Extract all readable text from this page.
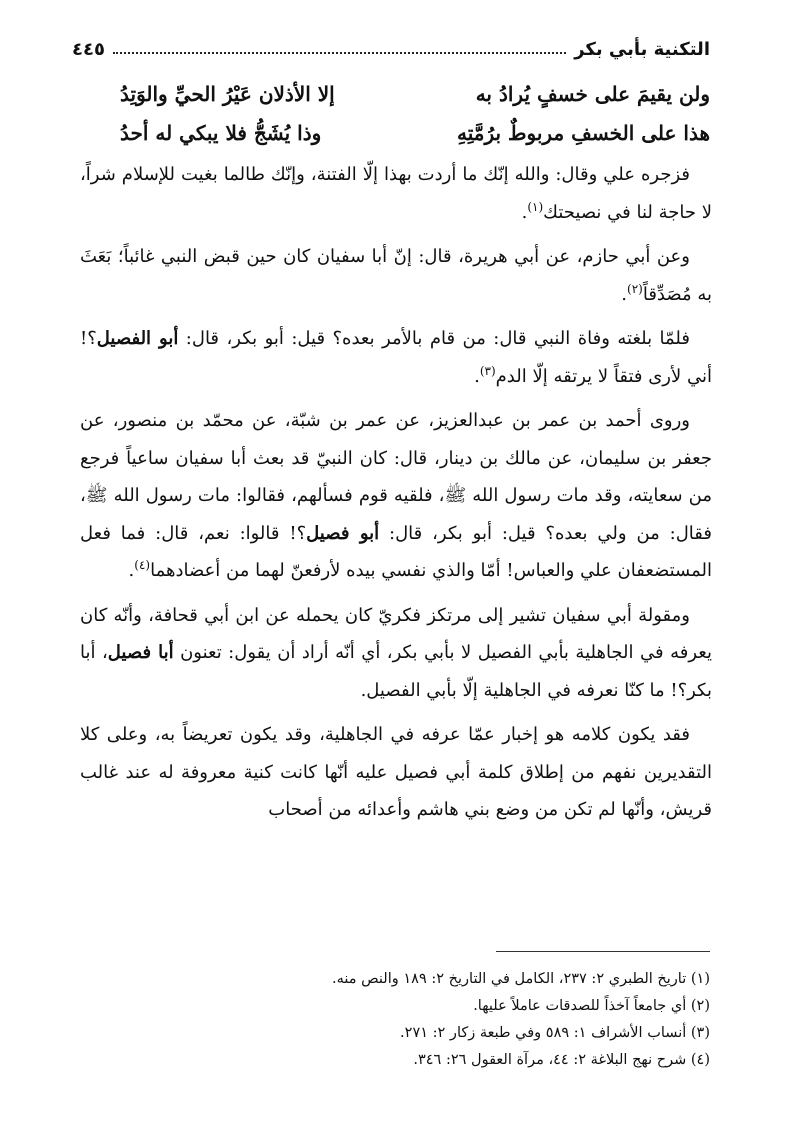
التكنية بأبي بكر
٤٤٥
ولن يقيمَ على خسفٍ يُرادُ به
إلا الأذلان عَيْرُ الحيِّ والوَتِدُ
هذا على الخسفِ مربوطٌ برُمَّتِهِ
وذا يُشَجُّ فلا يبكي له أحدُ

فزجره علي وقال: والله إنّك ما أردت بهذا إلّا الفتنة، وإنّك طالما بغيت للإسلام شراً، لا حاجة لنا في نصيحتك$^{(١)}$.

وعن أبي حازم، عن أبي هريرة، قال: إنّ أبا سفيان كان حين قبض النبي غائباً؛ بَعَثَ به مُصَدِّقاً$^{(٢)}$.

فلمّا بلغته وفاة النبي قال: من قام بالأمر بعده؟ قيل: أبو بكر، قال: أبو الفصيل؟! أني لأرى فتقاً لا يرتقه إلّا الدم$^{(٣)}$.

وروى أحمد بن عمر بن عبدالعزيز، عن عمر بن شبّة، عن محمّد بن منصور، عن جعفر بن سليمان، عن مالك بن دينار، قال: كان النبيّ قد بعث أبا سفيان ساعياً فرجع من سعايته، وقد مات رسول الله ﷺ، فلقيه قوم فسألهم، فقالوا: مات رسول الله ﷺ، فقال: من ولي بعده؟ قيل: أبو بكر، قال: أبو فصيل؟! قالوا: نعم، قال: فما فعل المستضعفان علي والعباس! أمّا والذي نفسي بيده لأرفعنّ لهما من أعضادهما$^{(٤)}$.

ومقولة أبي سفيان تشير إلى مرتكز فكريّ كان يحمله عن ابن أبي قحافة، وأنّه كان يعرفه في الجاهلية بأبي الفصيل لا بأبي بكر، أي أنّه أراد أن يقول: تعنون أبا فصيل، أبا بكر؟! ما كنّا نعرفه في الجاهلية إلّا بأبي الفصيل.

فقد يكون كلامه هو إخبار عمّا عرفه في الجاهلية، وقد يكون تعريضاً به، وعلى كلا التقديرين نفهم من إطلاق كلمة أبي فصيل عليه أنّها كانت كنية معروفة له عند غالب قريش، وأنّها لم تكن من وضع بني هاشم وأعدائه من أصحاب

(١) تاريخ الطبري ٢: ٢٣٧، الكامل في التاريخ ٢: ١٨٩ والنص منه.
(٢) أي جامعاً آخذاً للصدقات عاملاً عليها.
(٣) أنساب الأشراف ١: ٥٨٩ وفي طبعة زكار ٢: ٢٧١.
(٤) شرح نهج البلاغة ٢: ٤٤، مرآة العقول ٢٦: ٣٤٦.
